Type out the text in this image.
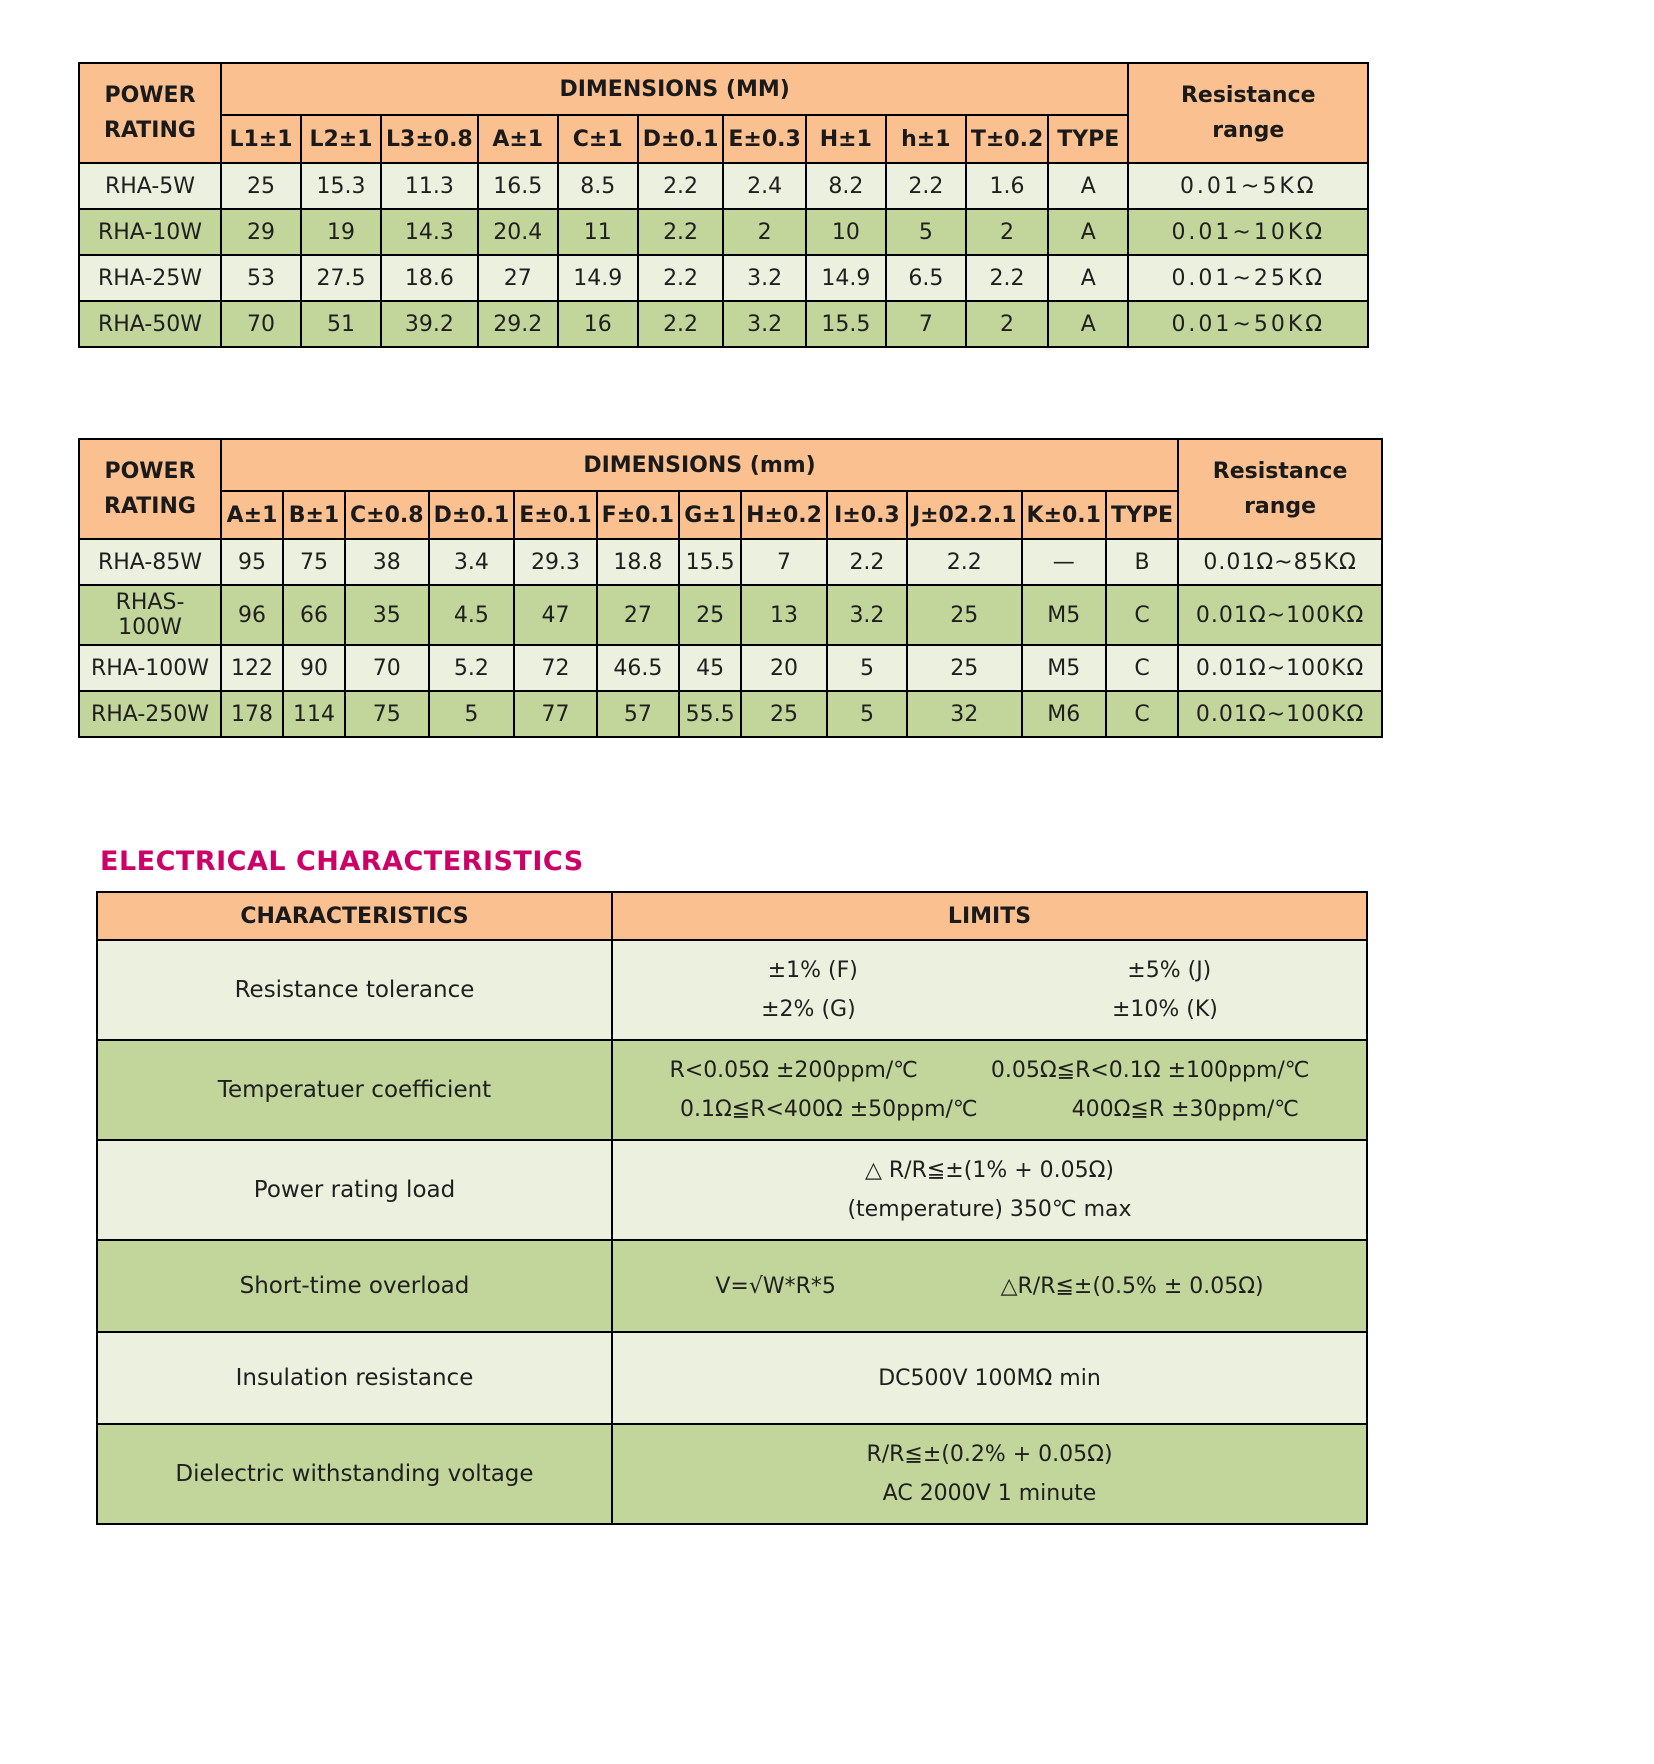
POWER
RATING
	DIMENSIONS (MM)	Resistance
range

	L1±1	L2±1	L3±0.8	A±1	C±1	D±0.1	E±0.3	H±1	h±1	T±0.2	TYPE	
RHA-5W	25	15.3	11.3	16.5	8.5	2.2	2.4	8.2	2.2	1.6	A	0.01~5KΩ
RHA-10W	29	19	14.3	20.4	11	2.2	2	10	5	2	A	0.01~10KΩ
RHA-25W	53	27.5	18.6	27	14.9	2.2	3.2	14.9	6.5	2.2	A	0.01~25KΩ
RHA-50W	70	51	39.2	29.2	16	2.2	3.2	15.5	7	2	A	0.01~50KΩ
POWER
RATING
	DIMENSIONS (mm)	Resistance
range

	A±1	B±1	C±0.8	D±0.1	E±0.1	F±0.1	G±1	H±0.2	I±0.3	J±02.2.1	K±0.1	TYPE	
RHA-85W	95	75	38	3.4	29.3	18.8	15.5	7	2.2	2.2	—	B	0.01Ω~85KΩ
RHAS-100W	96	66	35	4.5	47	27	25	13	3.2	25	M5	C	0.01Ω~100KΩ
RHA-100W	122	90	70	5.2	72	46.5	45	20	5	25	M5	C	0.01Ω~100KΩ
RHA-250W	178	114	75	5	77	57	55.5	25	5	32	M6	C	0.01Ω~100KΩ
ELECTRICAL CHARACTERISTICS
CHARACTERISTICS	LIMITS
Resistance tolerance	±1% (F) ±5% (J)
±2% (G) ±10% (K)

Temperatuer coefficient	R<0.05Ω ±200ppm/℃ 0.05Ω≦R<0.1Ω ±100ppm/℃
0.1Ω≦R<400Ω ±50ppm/℃ 400Ω≦R ±30ppm/℃

Power rating load	△ R/R≦±(1% + 0.05Ω)
(temperature) 350℃ max

Short-time overload	V=√W*R*5 △R/R≦±(0.5% ± 0.05Ω)

Insulation resistance	DC500V 100MΩ min

Dielectric withstanding voltage	R/R≦±(0.2% + 0.05Ω)
AC 2000V 1 minute
